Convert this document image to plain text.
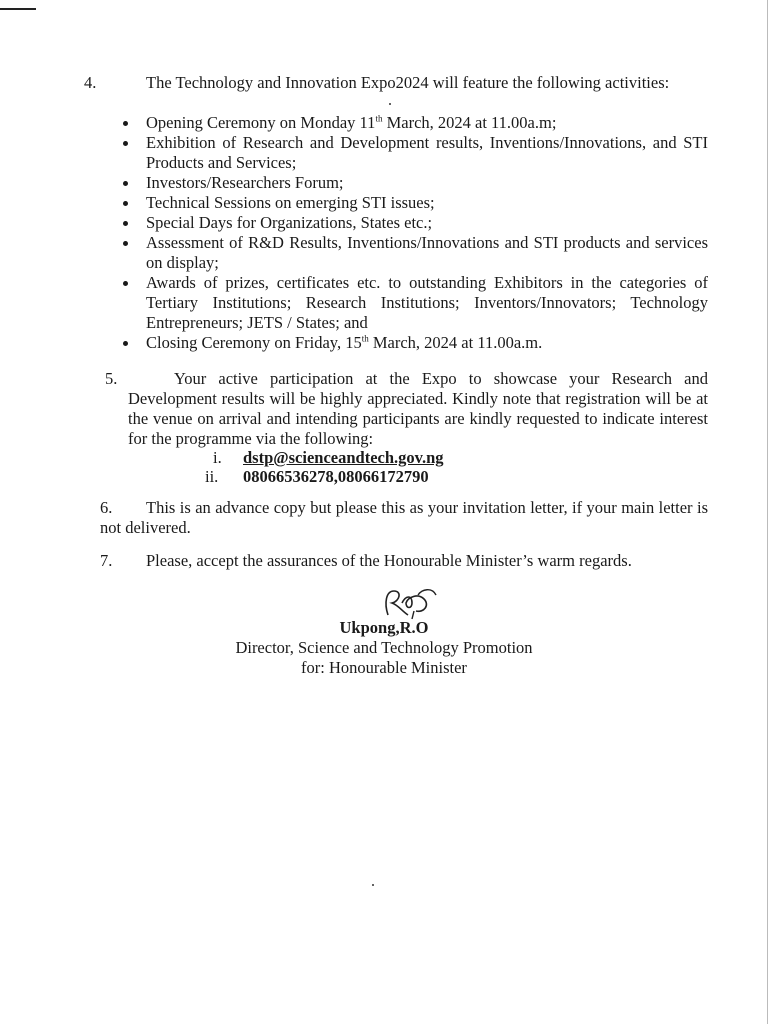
4.	The Technology and Innovation Expo2024 will feature the following activities:
Opening Ceremony on Monday 11th March, 2024 at 11.00a.m;
Exhibition of Research and Development results, Inventions/Innovations, and STI Products and Services;
Investors/Researchers Forum;
Technical Sessions on emerging STI issues;
Special Days for Organizations, States etc.;
Assessment of R&D Results, Inventions/Innovations and STI products and services on display;
Awards of prizes, certificates etc. to outstanding Exhibitors in the categories of Tertiary Institutions; Research Institutions; Inventors/Innovators; Technology Entrepreneurs; JETS / States; and
Closing Ceremony on Friday, 15th March, 2024 at 11.00a.m.
5.	Your active participation at the Expo to showcase your Research and Development results will be highly appreciated. Kindly note that registration will be at the venue on arrival and intending participants are kindly requested to indicate interest for the programme via the following:
i. dstp@scienceandtech.gov.ng
ii. 08066536278,08066172790
6.	This is an advance copy but please this as your invitation letter, if your main letter is not delivered.
7. Please, accept the assurances of the Honourable Minister’s warm regards.
Ukpong,R.O
Director, Science and Technology Promotion
for: Honourable Minister
